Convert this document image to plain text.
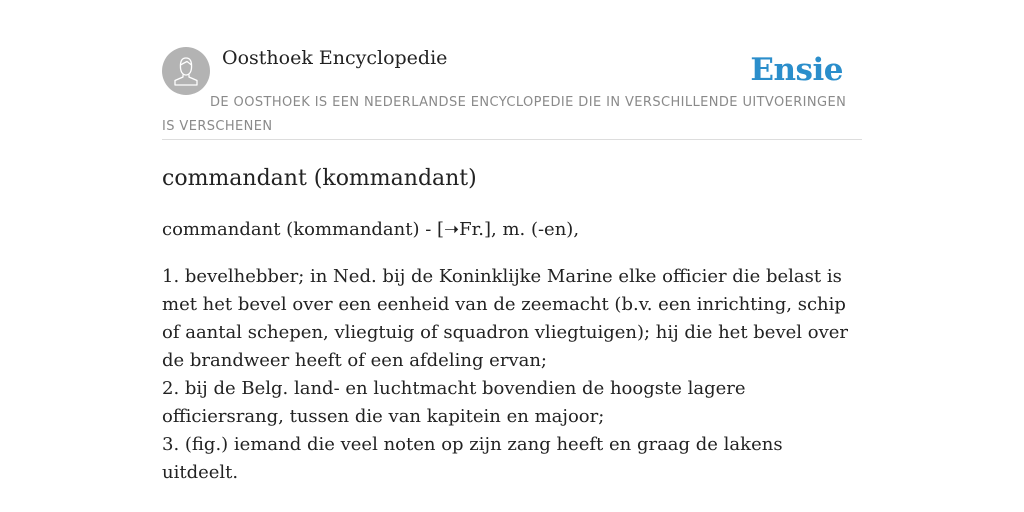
Oosthoek Encyclopedie	Ensie
DE OOSTHOEK IS EEN NEDERLANDSE ENCYCLOPEDIE DIE IN VERSCHILLENDE UITVOERINGEN IS VERSCHENEN
commandant (kommandant)

commandant (kommandant) - [➝Fr.], m. (-en),

1. bevelhebber; in Ned. bij de Koninklijke Marine elke officier die belast is met het bevel over een eenheid van de zeemacht (b.v. een inrichting, schip of aantal schepen, vliegtuig of squadron vliegtuigen); hij die het bevel over de brandweer heeft of een afdeling ervan;
2. bij de Belg. land- en luchtmacht bovendien de hoogste lagere officiersrang, tussen die van kapitein en majoor;
3. (fig.) iemand die veel noten op zijn zang heeft en graag de lakens uitdeelt.
